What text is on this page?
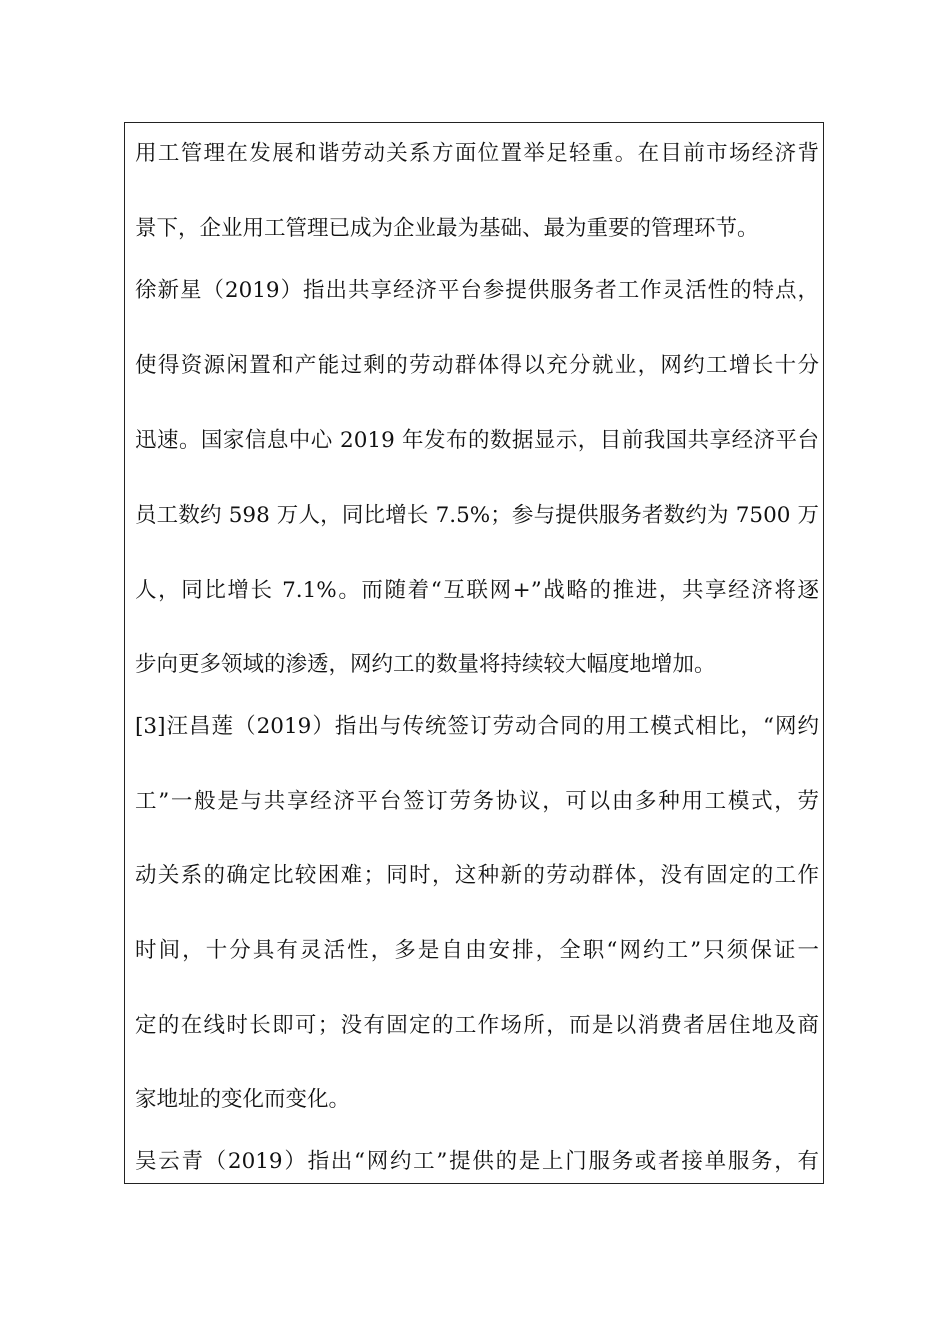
用工管理在发展和谐劳动关系方面位置举足轻重。在目前市场经济背
景下，企业用工管理已成为企业最为基础、最为重要的管理环节。
徐新星（2019）指出共享经济平台参提供服务者工作灵活性的特点，
使得资源闲置和产能过剩的劳动群体得以充分就业，网约工增长十分
迅速。国家信息中心 2019 年发布的数据显示，目前我国共享经济平台
员工数约 598 万人，同比增长 7.5%；参与提供服务者数约为 7500 万
人，同比增长 7.1%。而随着“互联网+”战略的推进，共享经济将逐
步向更多领域的渗透，网约工的数量将持续较大幅度地增加。
[3]汪昌莲（2019）指出与传统签订劳动合同的用工模式相比，“网约
工”一般是与共享经济平台签订劳务协议，可以由多种用工模式，劳
动关系的确定比较困难；同时，这种新的劳动群体，没有固定的工作
时间，十分具有灵活性，多是自由安排，全职“网约工”只须保证一
定的在线时长即可；没有固定的工作场所，而是以消费者居住地及商
家地址的变化而变化。
吴云青（2019）指出“网约工”提供的是上门服务或者接单服务，有
